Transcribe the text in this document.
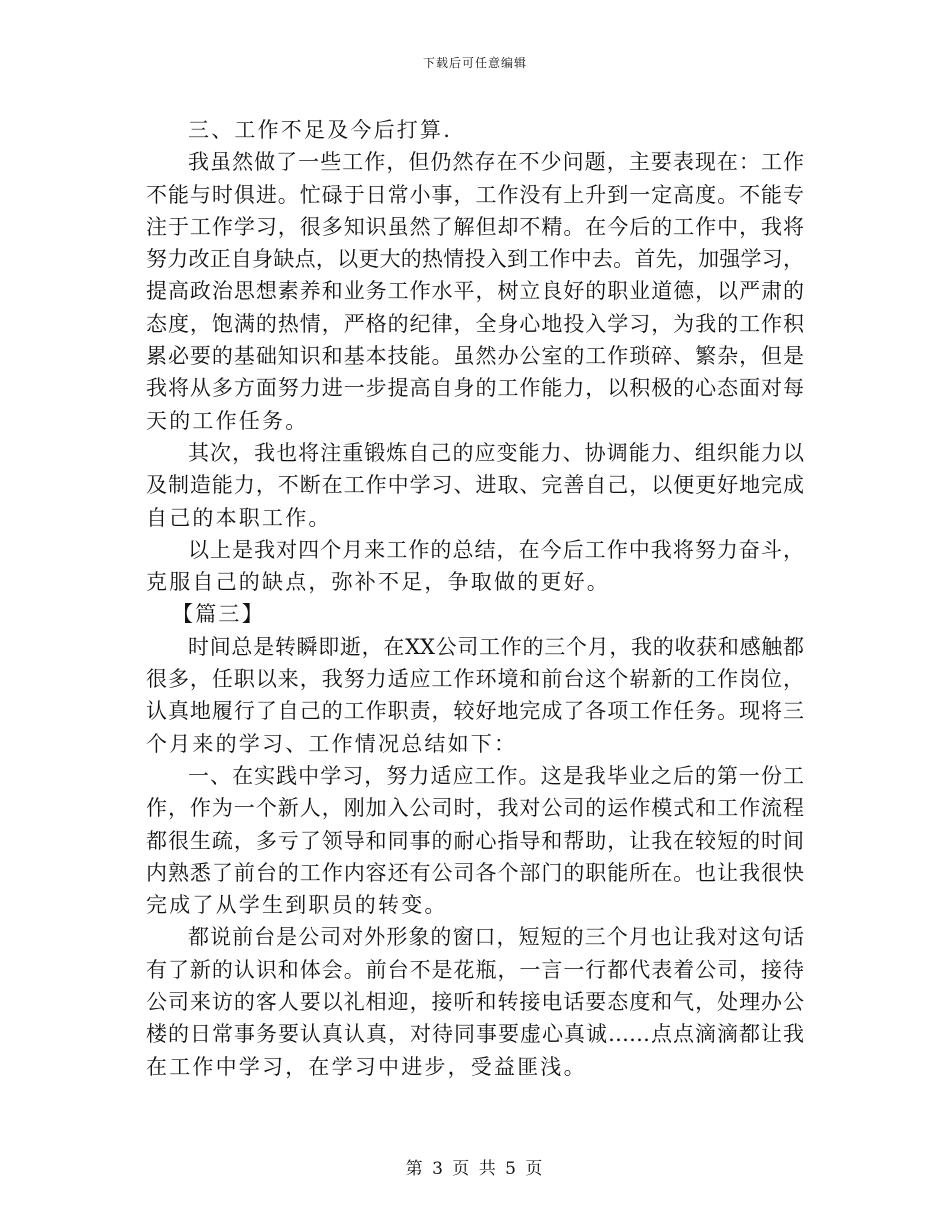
下载后可任意编辑
三、工作不足及今后打算.
我虽然做了一些工作，但仍然存在不少问题，主要表现在：工作
不能与时俱进。忙碌于日常小事，工作没有上升到一定高度。不能专
注于工作学习，很多知识虽然了解但却不精。在今后的工作中，我将
努力改正自身缺点，以更大的热情投入到工作中去。首先，加强学习，
提高政治思想素养和业务工作水平，树立良好的职业道德，以严肃的
态度，饱满的热情，严格的纪律，全身心地投入学习，为我的工作积
累必要的基础知识和基本技能。虽然办公室的工作琐碎、繁杂，但是
我将从多方面努力进一步提高自身的工作能力，以积极的心态面对每
天的工作任务。
其次，我也将注重锻炼自己的应变能力、协调能力、组织能力以
及制造能力，不断在工作中学习、进取、完善自己，以便更好地完成
自己的本职工作。
以上是我对四个月来工作的总结，在今后工作中我将努力奋斗，
克服自己的缺点，弥补不足，争取做的更好。
【篇三】
时间总是转瞬即逝，在XX公司工作的三个月，我的收获和感触都
很多，任职以来，我努力适应工作环境和前台这个崭新的工作岗位，
认真地履行了自己的工作职责，较好地完成了各项工作任务。现将三
个月来的学习、工作情况总结如下：
一、在实践中学习，努力适应工作。这是我毕业之后的第一份工
作，作为一个新人，刚加入公司时，我对公司的运作模式和工作流程
都很生疏，多亏了领导和同事的耐心指导和帮助，让我在较短的时间
内熟悉了前台的工作内容还有公司各个部门的职能所在。也让我很快
完成了从学生到职员的转变。
都说前台是公司对外形象的窗口，短短的三个月也让我对这句话
有了新的认识和体会。前台不是花瓶，一言一行都代表着公司，接待
公司来访的客人要以礼相迎，接听和转接电话要态度和气，处理办公
楼的日常事务要认真认真，对待同事要虚心真诚……点点滴滴都让我
在工作中学习，在学习中进步，受益匪浅。
第 3 页 共 5 页
